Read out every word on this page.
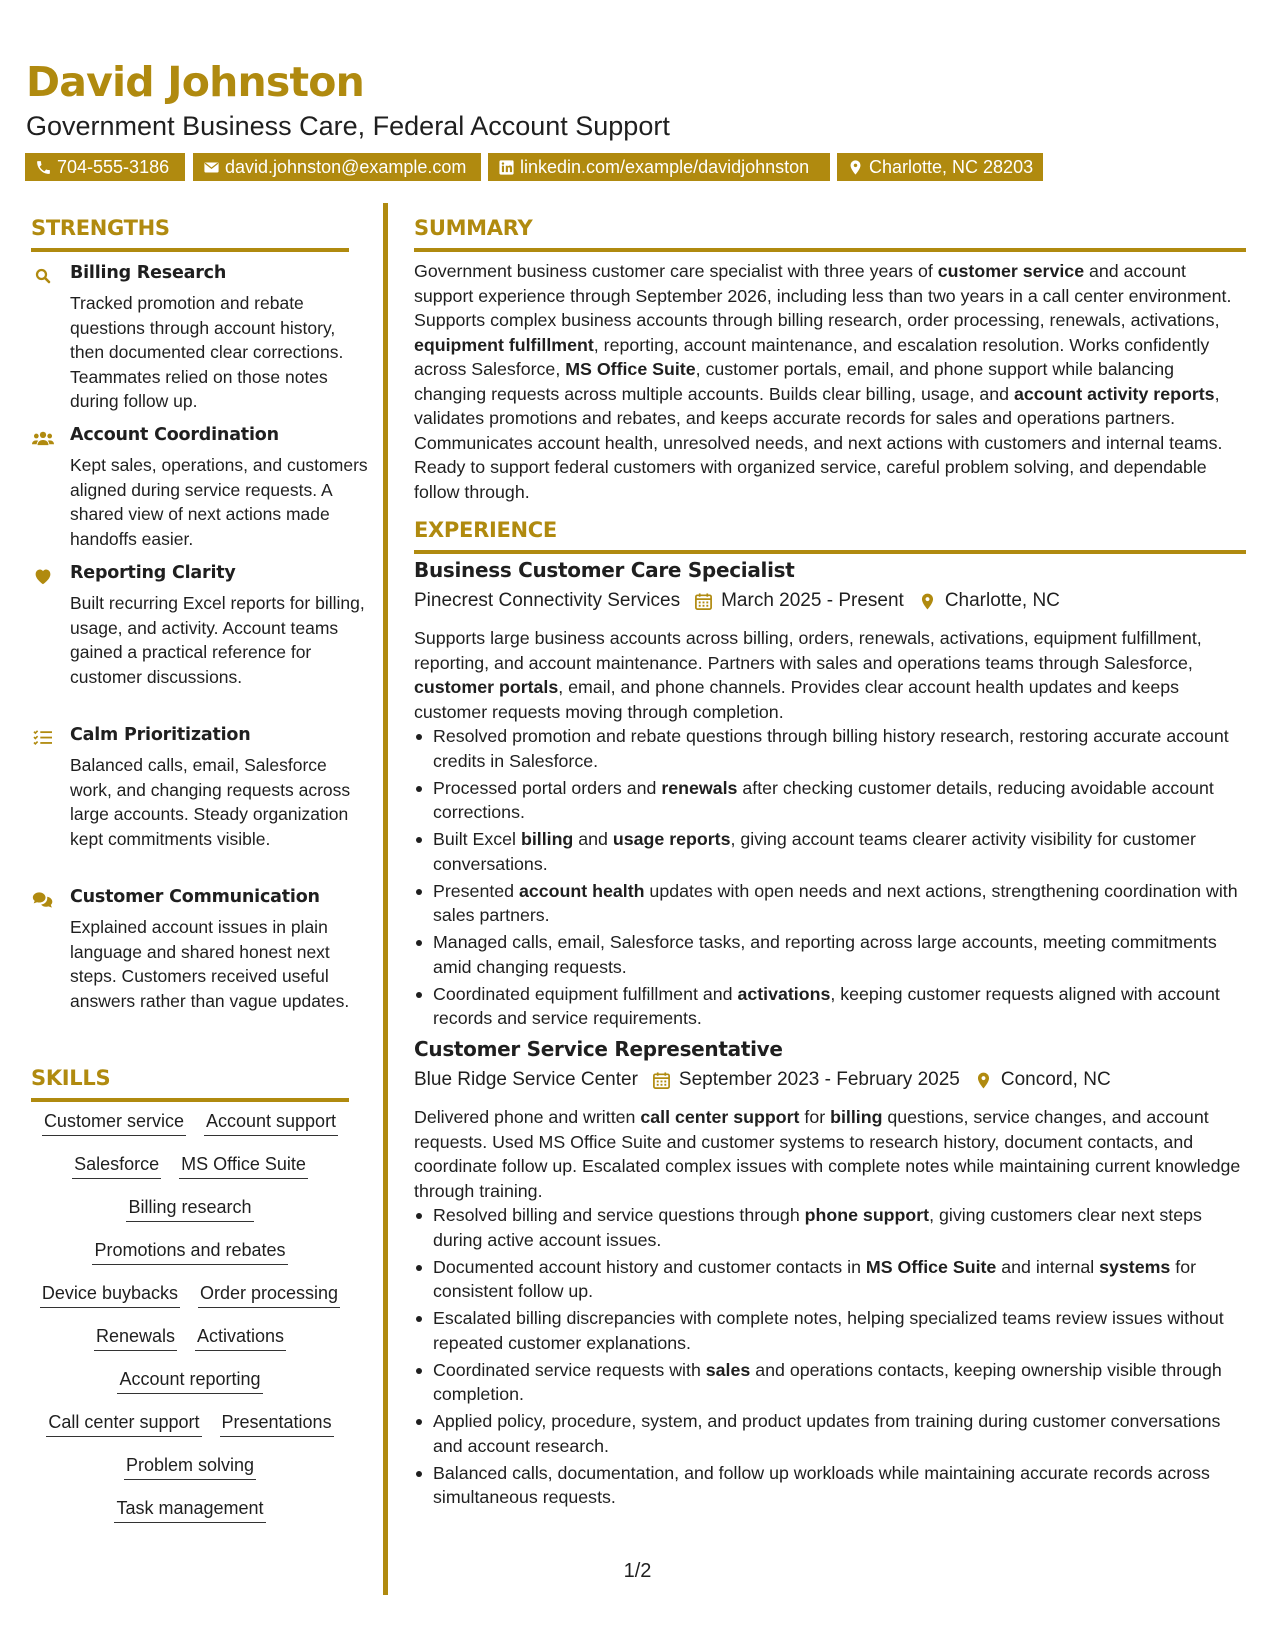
David Johnston
Government Business Care, Federal Account Support
704-555-3186	david.johnston@example.com	linkedin.com/example/davidjohnston	Charlotte, NC 28203
STRENGTHS
Billing Research
Tracked promotion and rebate questions through account history, then documented clear corrections. Teammates relied on those notes during follow up.
Account Coordination
Kept sales, operations, and customers aligned during service requests. A shared view of next actions made handoffs easier.
Reporting Clarity
Built recurring Excel reports for billing, usage, and activity. Account teams gained a practical reference for customer discussions.
Calm Prioritization
Balanced calls, email, Salesforce work, and changing requests across large accounts. Steady organization kept commitments visible.
Customer Communication
Explained account issues in plain language and shared honest next steps. Customers received useful answers rather than vague updates.
SKILLS
Customer service Account support
Salesforce MS Office Suite
Billing research
Promotions and rebates
Device buybacks Order processing
Renewals Activations
Account reporting
Call center support Presentations
Problem solving
Task management
SUMMARY
Government business customer care specialist with three years of customer service and account support experience through September 2026, including less than two years in a call center environment. Supports complex business accounts through billing research, order processing, renewals, activations, equipment fulfillment, reporting, account maintenance, and escalation resolution. Works confidently across Salesforce, MS Office Suite, customer portals, email, and phone support while balancing changing requests across multiple accounts. Builds clear billing, usage, and account activity reports, validates promotions and rebates, and keeps accurate records for sales and operations partners. Communicates account health, unresolved needs, and next actions with customers and internal teams. Ready to support federal customers with organized service, careful problem solving, and dependable follow through.
EXPERIENCE
Business Customer Care Specialist
Pinecrest Connectivity Services March 2025 - Present Charlotte, NC
Supports large business accounts across billing, orders, renewals, activations, equipment fulfillment, reporting, and account maintenance. Partners with sales and operations teams through Salesforce, customer portals, email, and phone channels. Provides clear account health updates and keeps customer requests moving through completion.
Resolved promotion and rebate questions through billing history research, restoring accurate account credits in Salesforce.
Processed portal orders and renewals after checking customer details, reducing avoidable account corrections.
Built Excel billing and usage reports, giving account teams clearer activity visibility for customer conversations.
Presented account health updates with open needs and next actions, strengthening coordination with sales partners.
Managed calls, email, Salesforce tasks, and reporting across large accounts, meeting commitments amid changing requests.
Coordinated equipment fulfillment and activations, keeping customer requests aligned with account records and service requirements.
Customer Service Representative
Blue Ridge Service Center September 2023 - February 2025 Concord, NC
Delivered phone and written call center support for billing questions, service changes, and account requests. Used MS Office Suite and customer systems to research history, document contacts, and coordinate follow up. Escalated complex issues with complete notes while maintaining current knowledge through training.
Resolved billing and service questions through phone support, giving customers clear next steps during active account issues.
Documented account history and customer contacts in MS Office Suite and internal systems for consistent follow up.
Escalated billing discrepancies with complete notes, helping specialized teams review issues without repeated customer explanations.
Coordinated service requests with sales and operations contacts, keeping ownership visible through completion.
Applied policy, procedure, system, and product updates from training during customer conversations and account research.
Balanced calls, documentation, and follow up workloads while maintaining accurate records across simultaneous requests.
1/2
